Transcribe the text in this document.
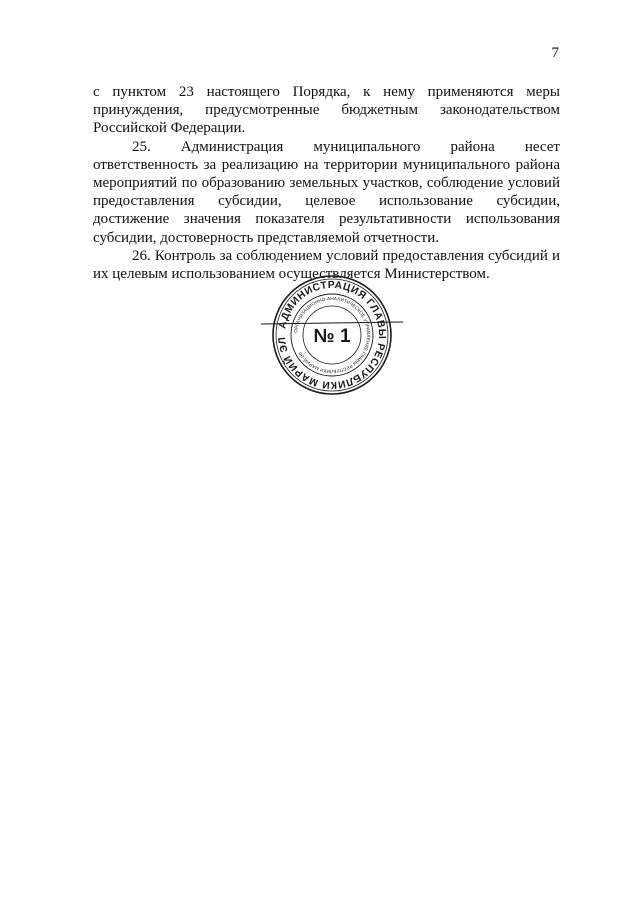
7

с пунктом 23 настоящего Порядка, к нему применяются меры принуждения, предусмотренные бюджетным законодательством Российской Федерации.

25. Администрация муниципального района несет ответственность за реализацию на территории муниципального района мероприятий по образованию земельных участков, соблюдение условий предоставления субсидии, целевое использование субсидии, достижение значения показателя результативности использования субсидии, достоверность представляемой отчетности.

26. Контроль за соблюдением условий предоставления субсидий и их целевым использованием осуществляется Министерством.

АДМИНИСТРАЦИЯ ГЛАВЫ РЕСПУБЛИКИ МАРИЙ ЭЛ
ОРГАНИЗАЦИОННО-АНАЛИТИЧЕСКОЕ УПРАВЛЕНИЕ ГЛАВЫ РЕСПУБЛИКИ МАРИЙ ЭЛ
№ 1
